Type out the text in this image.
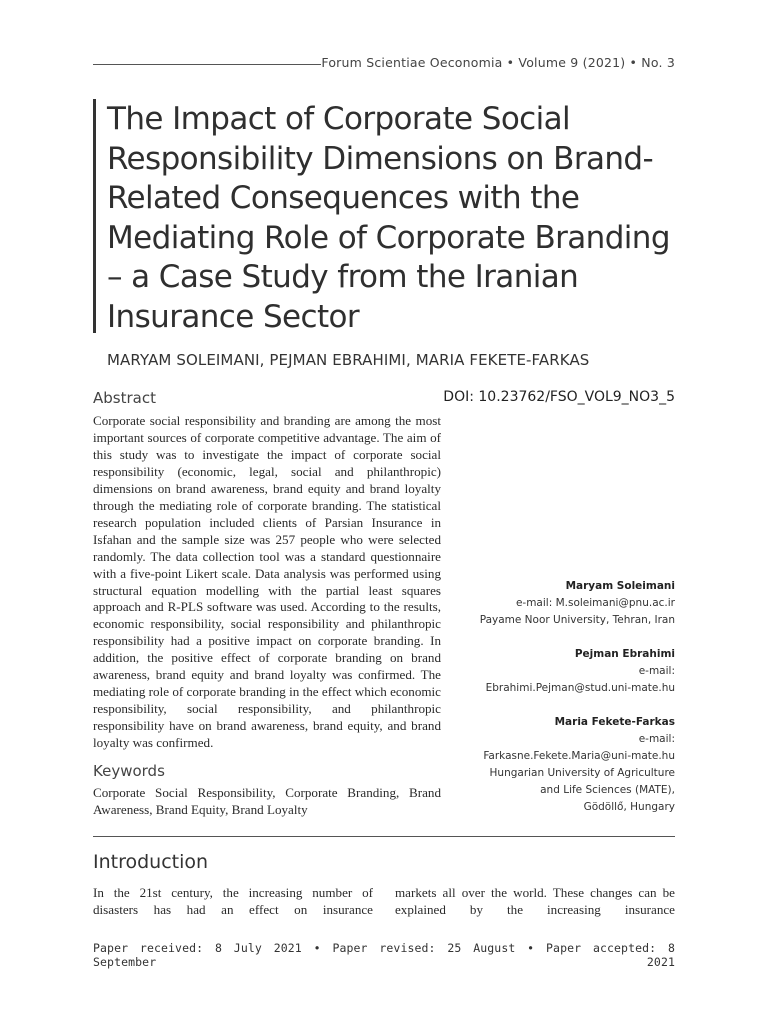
Forum Scientiae Oeconomia • Volume 9 (2021) • No. 3
The Impact of Corporate Social Responsibility Dimensions on Brand-Related Consequences with the Mediating Role of Corporate Branding – a Case Study from the Iranian Insurance Sector
MARYAM SOLEIMANI, PEJMAN EBRAHIMI, MARIA FEKETE-FARKAS
Abstract	DOI: 10.23762/FSO_VOL9_NO3_5

Corporate social responsibility and branding are among the most important sources of corporate competitive advantage. The aim of this study was to investigate the impact of corporate social responsibility (economic, legal, social and philanthropic) dimensions on brand awareness, brand equity and brand loyalty through the mediating role of corporate branding. The statistical research population included clients of Parsian Insurance in Isfahan and the sample size was 257 people who were selected randomly. The data collection tool was a standard questionnaire with a five-point Likert scale. Data analysis was performed using structural equation modelling with the partial least squares approach and R-PLS software was used. According to the results, economic responsibility, social responsibility and philanthropic responsibility had a positive impact on corporate branding. In addition, the positive effect of corporate branding on brand awareness, brand equity and brand loyalty was confirmed. The mediating role of corporate branding in the effect which economic responsibility, social responsibility, and philanthropic responsibility have on brand awareness, brand equity, and brand loyalty was confirmed.

Keywords

Corporate Social Responsibility, Corporate Branding, Brand Awareness, Brand Equity, Brand Loyalty

Maryam Soleimani
e-mail: M.soleimani@pnu.ac.ir
Payame Noor University, Tehran, Iran
Pejman Ebrahimi
e-mail:
Ebrahimi.Pejman@stud.uni-mate.hu
Maria Fekete-Farkas
e-mail:
Farkasne.Fekete.Maria@uni-mate.hu
Hungarian University of Agriculture
and Life Sciences (MATE),
Gödöllő, Hungary
Introduction

In the 21st century, the increasing number of disasters has had an effect on insurance

markets all over the world. These changes can be explained by the increasing insurance

Paper received: 8 July 2021 • Paper revised: 25 August • Paper accepted: 8 September 2021
